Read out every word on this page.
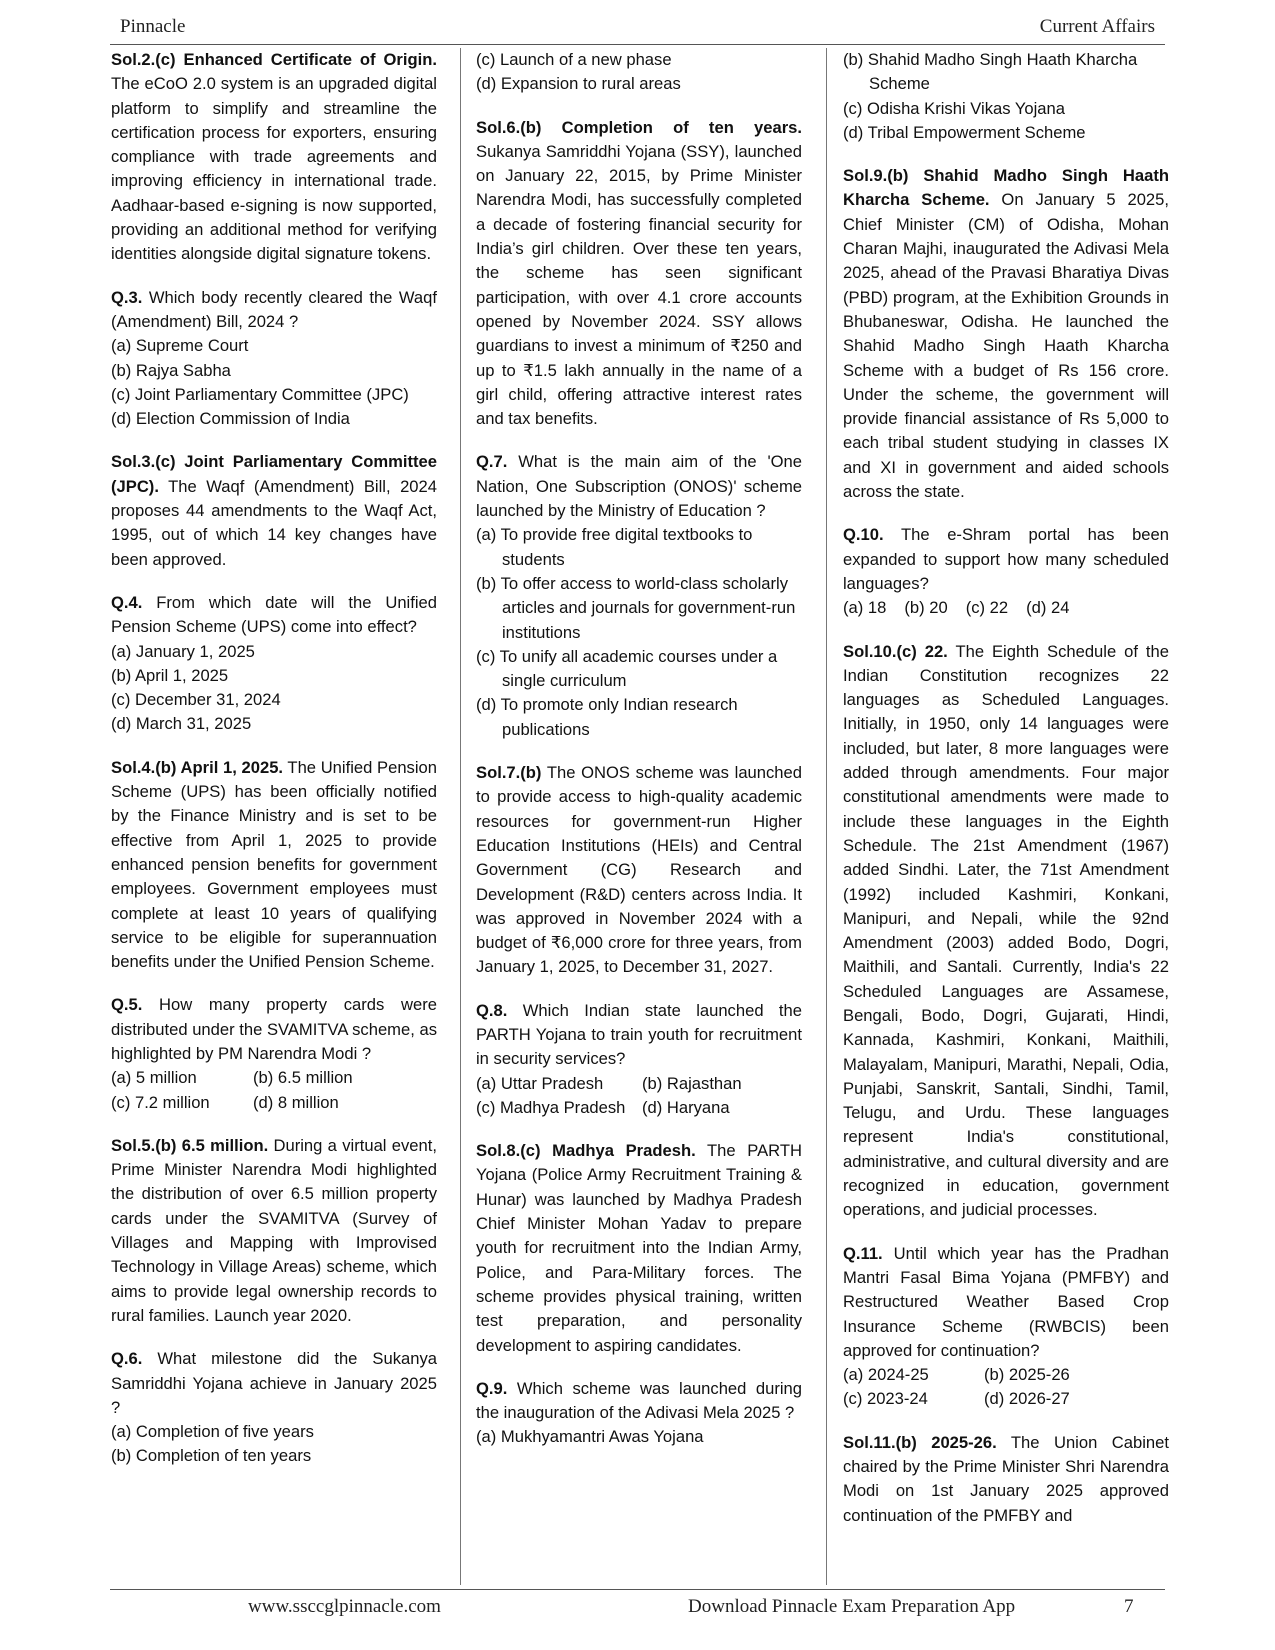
Pinnacle	Current Affairs

Sol.2.(c) Enhanced Certificate of Origin. The eCoO 2.0 system is an upgraded digital platform to simplify and streamline the certification process for exporters, ensuring compliance with trade agreements and improving efficiency in international trade. Aadhaar-based e-signing is now supported, providing an additional method for verifying identities alongside digital signature tokens.

Q.3. Which body recently cleared the Waqf (Amendment) Bill, 2024 ?
(a) Supreme Court
(b) Rajya Sabha
(c) Joint Parliamentary Committee (JPC)
(d) Election Commission of India

Sol.3.(c) Joint Parliamentary Committee (JPC). The Waqf (Amendment) Bill, 2024 proposes 44 amendments to the Waqf Act, 1995, out of which 14 key changes have been approved.

Q.4. From which date will the Unified Pension Scheme (UPS) come into effect?
(a) January 1, 2025
(b) April 1, 2025
(c) December 31, 2024
(d) March 31, 2025

Sol.4.(b) April 1, 2025. The Unified Pension Scheme (UPS) has been officially notified by the Finance Ministry and is set to be effective from April 1, 2025 to provide enhanced pension benefits for government employees. Government employees must complete at least 10 years of qualifying service to be eligible for superannuation benefits under the Unified Pension Scheme.

Q.5. How many property cards were distributed under the SVAMITVA scheme, as highlighted by PM Narendra Modi ?
(a) 5 million	(b) 6.5 million
(c) 7.2 million	(d) 8 million

Sol.5.(b) 6.5 million. During a virtual event, Prime Minister Narendra Modi highlighted the distribution of over 6.5 million property cards under the SVAMITVA (Survey of Villages and Mapping with Improvised Technology in Village Areas) scheme, which aims to provide legal ownership records to rural families. Launch year 2020.

Q.6. What milestone did the Sukanya Samriddhi Yojana achieve in January 2025 ?
(a) Completion of five years
(b) Completion of ten years
(c) Launch of a new phase
(d) Expansion to rural areas

Sol.6.(b) Completion of ten years. Sukanya Samriddhi Yojana (SSY), launched on January 22, 2015, by Prime Minister Narendra Modi, has successfully completed a decade of fostering financial security for India’s girl children. Over these ten years, the scheme has seen significant participation, with over 4.1 crore accounts opened by November 2024. SSY allows guardians to invest a minimum of ₹250 and up to ₹1.5 lakh annually in the name of a girl child, offering attractive interest rates and tax benefits.

Q.7. What is the main aim of the 'One Nation, One Subscription (ONOS)' scheme launched by the Ministry of Education ?
(a) To provide free digital textbooks to students
(b) To offer access to world-class scholarly articles and journals for government-run institutions
(c) To unify all academic courses under a single curriculum
(d) To promote only Indian research publications

Sol.7.(b) The ONOS scheme was launched to provide access to high-quality academic resources for government-run Higher Education Institutions (HEIs) and Central Government (CG) Research and Development (R&D) centers across India. It was approved in November 2024 with a budget of ₹6,000 crore for three years, from January 1, 2025, to December 31, 2027.

Q.8. Which Indian state launched the PARTH Yojana to train youth for recruitment in security services?
(a) Uttar Pradesh	(b) Rajasthan
(c) Madhya Pradesh (d) Haryana

Sol.8.(c) Madhya Pradesh. The PARTH Yojana (Police Army Recruitment Training & Hunar) was launched by Madhya Pradesh Chief Minister Mohan Yadav to prepare youth for recruitment into the Indian Army, Police, and Para-Military forces. The scheme provides physical training, written test preparation, and personality development to aspiring candidates.

Q.9. Which scheme was launched during the inauguration of the Adivasi Mela 2025 ?
(a) Mukhyamantri Awas Yojana
(b) Shahid Madho Singh Haath Kharcha Scheme
(c) Odisha Krishi Vikas Yojana
(d) Tribal Empowerment Scheme

Sol.9.(b) Shahid Madho Singh Haath Kharcha Scheme. On January 5 2025, Chief Minister (CM) of Odisha, Mohan Charan Majhi, inaugurated the Adivasi Mela 2025, ahead of the Pravasi Bharatiya Divas (PBD) program, at the Exhibition Grounds in Bhubaneswar, Odisha. He launched the Shahid Madho Singh Haath Kharcha Scheme with a budget of Rs 156 crore. Under the scheme, the government will provide financial assistance of Rs 5,000 to each tribal student studying in classes IX and XI in government and aided schools across the state.

Q.10. The e-Shram portal has been expanded to support how many scheduled languages?
(a) 18 (b) 20 (c) 22 (d) 24

Sol.10.(c) 22. The Eighth Schedule of the Indian Constitution recognizes 22 languages as Scheduled Languages. Initially, in 1950, only 14 languages were included, but later, 8 more languages were added through amendments. Four major constitutional amendments were made to include these languages in the Eighth Schedule. The 21st Amendment (1967) added Sindhi. Later, the 71st Amendment (1992) included Kashmiri, Konkani, Manipuri, and Nepali, while the 92nd Amendment (2003) added Bodo, Dogri, Maithili, and Santali. Currently, India's 22 Scheduled Languages are Assamese, Bengali, Bodo, Dogri, Gujarati, Hindi, Kannada, Kashmiri, Konkani, Maithili, Malayalam, Manipuri, Marathi, Nepali, Odia, Punjabi, Sanskrit, Santali, Sindhi, Tamil, Telugu, and Urdu. These languages represent India's constitutional, administrative, and cultural diversity and are recognized in education, government operations, and judicial processes.

Q.11. Until which year has the Pradhan Mantri Fasal Bima Yojana (PMFBY) and Restructured Weather Based Crop Insurance Scheme (RWBCIS) been approved for continuation?
(a) 2024-25	(b) 2025-26
(c) 2023-24	(d) 2026-27

Sol.11.(b) 2025-26. The Union Cabinet chaired by the Prime Minister Shri Narendra Modi on 1st January 2025 approved continuation of the PMFBY and

www.ssccglpinnacle.com	Download Pinnacle Exam Preparation App	7
